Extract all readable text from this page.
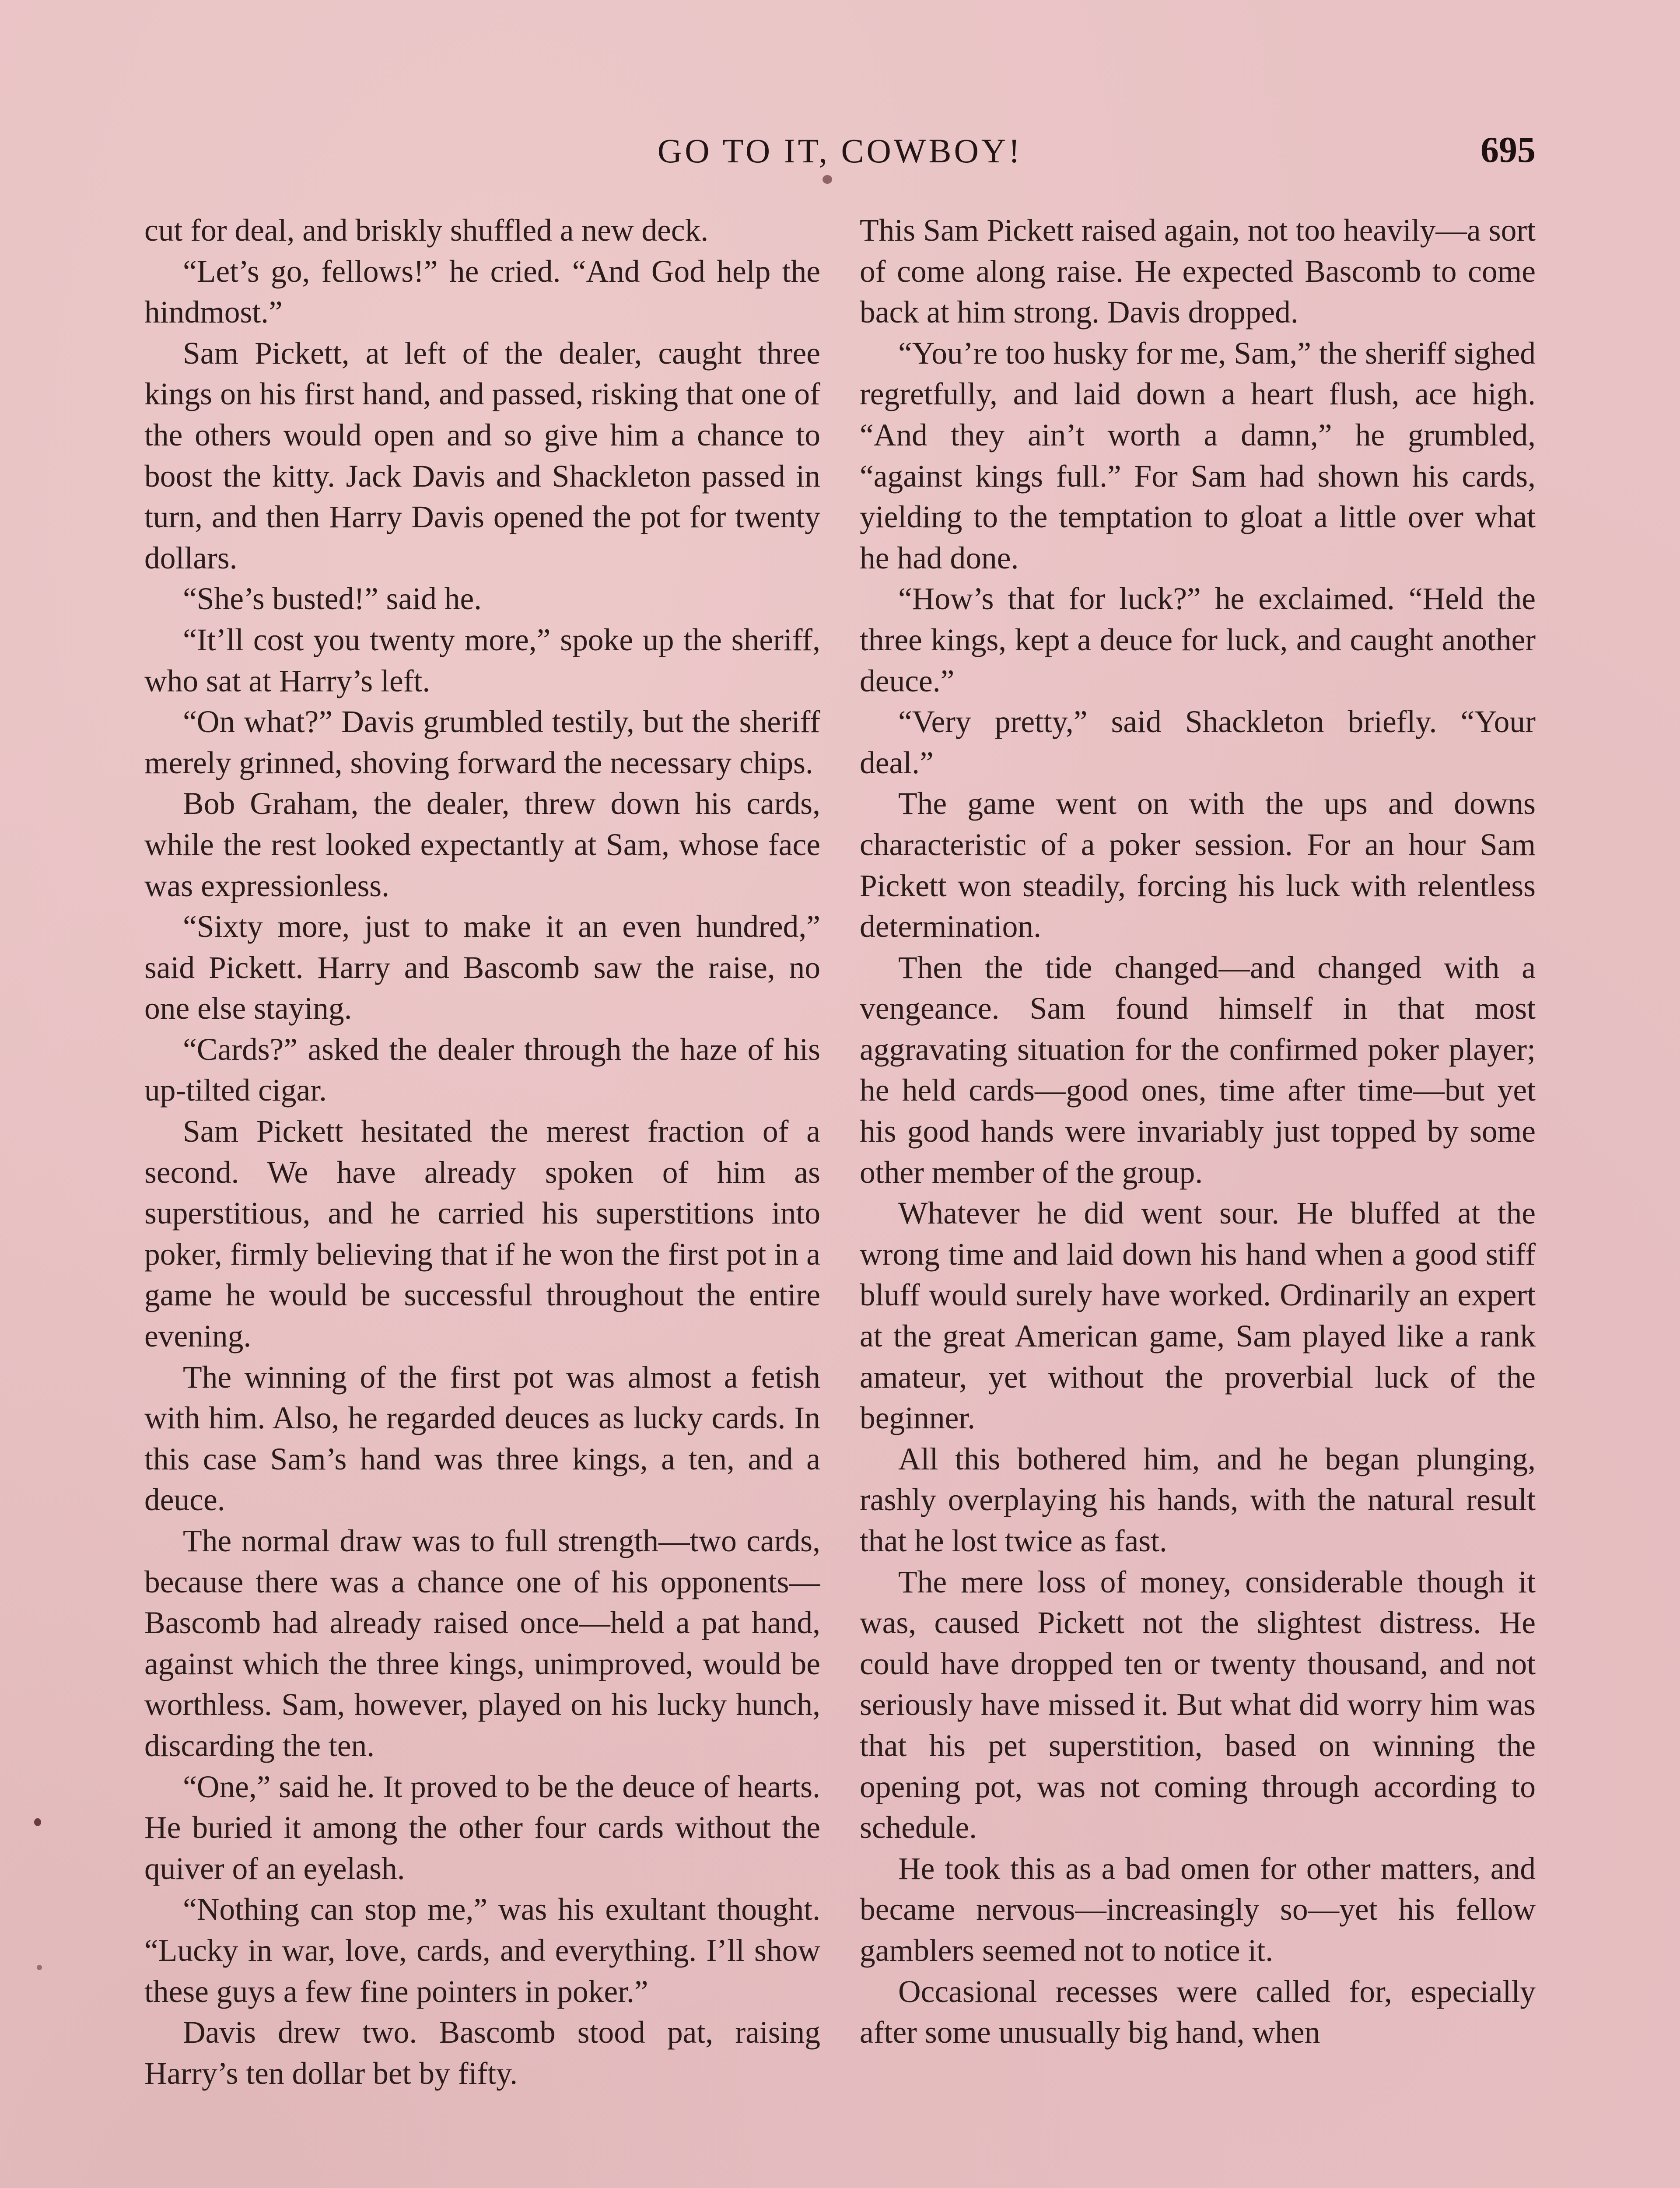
GO TO IT, COWBOY!	695

cut for deal, and briskly shuffled a new deck.

“Let’s go, fellows!” he cried. “And God help the hindmost.”

Sam Pickett, at left of the dealer, caught three kings on his first hand, and passed, risking that one of the others would open and so give him a chance to boost the kitty. Jack Davis and Shackleton passed in turn, and then Harry Davis opened the pot for twenty dollars.

“She’s busted!” said he.

“It’ll cost you twenty more,” spoke up the sheriff, who sat at Harry’s left.

“On what?” Davis grumbled testily, but the sheriff merely grinned, shoving forward the necessary chips.

Bob Graham, the dealer, threw down his cards, while the rest looked expectantly at Sam, whose face was expressionless.

“Sixty more, just to make it an even hundred,” said Pickett. Harry and Bascomb saw the raise, no one else staying.

“Cards?” asked the dealer through the haze of his up-tilted cigar.

Sam Pickett hesitated the merest fraction of a second. We have already spoken of him as superstitious, and he carried his superstitions into poker, firmly believing that if he won the first pot in a game he would be successful throughout the entire evening.

The winning of the first pot was almost a fetish with him. Also, he regarded deuces as lucky cards. In this case Sam’s hand was three kings, a ten, and a deuce.

The normal draw was to full strength—two cards, because there was a chance one of his opponents—Bascomb had already raised once—held a pat hand, against which the three kings, unimproved, would be worthless. Sam, however, played on his lucky hunch, discarding the ten.

“One,” said he. It proved to be the deuce of hearts. He buried it among the other four cards without the quiver of an eyelash.

“Nothing can stop me,” was his exultant thought. “Lucky in war, love, cards, and everything. I’ll show these guys a few fine pointers in poker.”

Davis drew two. Bascomb stood pat, raising Harry’s ten dollar bet by fifty.

This Sam Pickett raised again, not too heavily—a sort of come along raise. He expected Bascomb to come back at him strong. Davis dropped.

“You’re too husky for me, Sam,” the sheriff sighed regretfully, and laid down a heart flush, ace high. “And they ain’t worth a damn,” he grumbled, “against kings full.” For Sam had shown his cards, yielding to the temptation to gloat a little over what he had done.

“How’s that for luck?” he exclaimed. “Held the three kings, kept a deuce for luck, and caught another deuce.”

“Very pretty,” said Shackleton briefly. “Your deal.”

The game went on with the ups and downs characteristic of a poker session. For an hour Sam Pickett won steadily, forcing his luck with relentless determination.

Then the tide changed—and changed with a vengeance. Sam found himself in that most aggravating situation for the confirmed poker player; he held cards—good ones, time after time—but yet his good hands were invariably just topped by some other member of the group.

Whatever he did went sour. He bluffed at the wrong time and laid down his hand when a good stiff bluff would surely have worked. Ordinarily an expert at the great American game, Sam played like a rank amateur, yet without the proverbial luck of the beginner.

All this bothered him, and he began plunging, rashly overplaying his hands, with the natural result that he lost twice as fast.

The mere loss of money, considerable though it was, caused Pickett not the slightest distress. He could have dropped ten or twenty thousand, and not seriously have missed it. But what did worry him was that his pet superstition, based on winning the opening pot, was not coming through according to schedule.

He took this as a bad omen for other matters, and became nervous—increasingly so—yet his fellow gamblers seemed not to notice it.

Occasional recesses were called for, especially after some unusually big hand, when
